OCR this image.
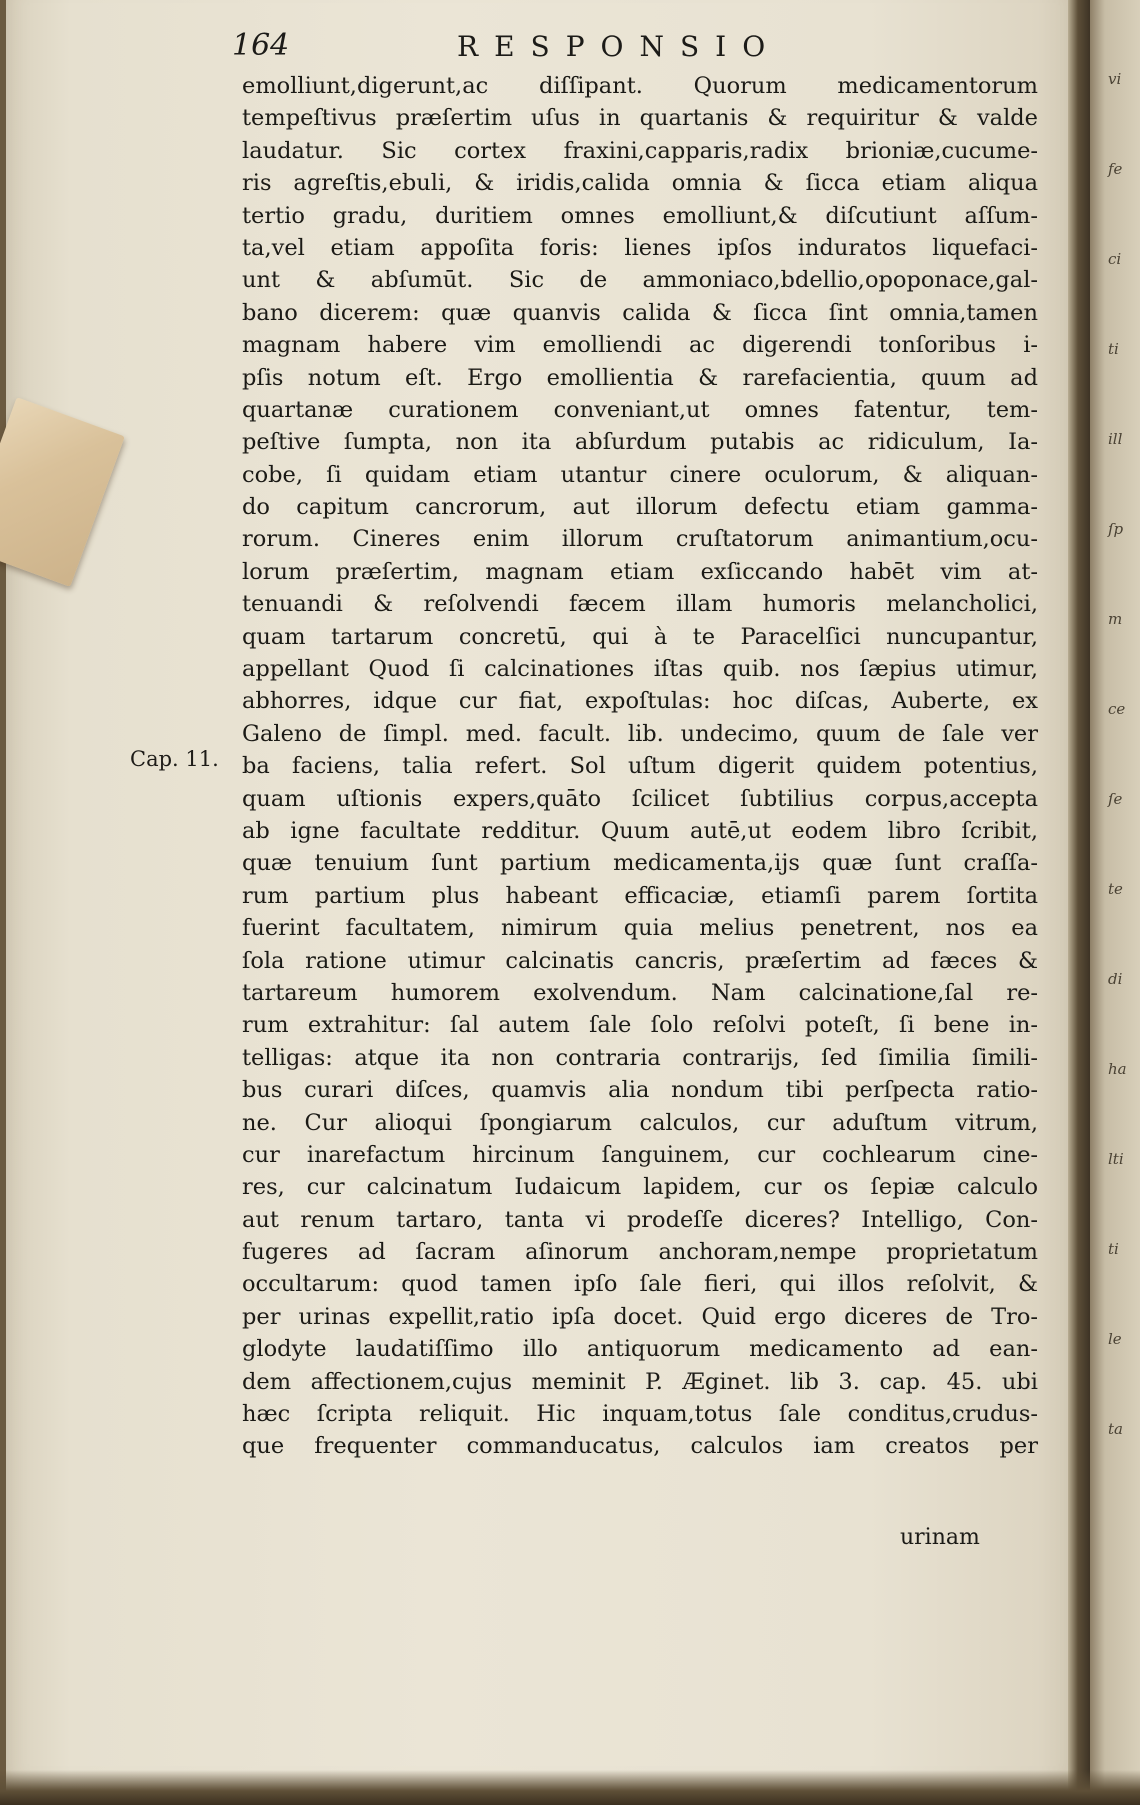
vi
fe
ci
ti
ill
ſp
m
ce
ſe
te
di
ha
lti
ti
le
ta
164	RESPONSIO
Cap. 11.
emolliunt,digerunt,ac diſſipant. Quorum medicamentorum
tempeſtivus præſertim uſus in quartanis & requiritur & valde
laudatur. Sic cortex fraxini,capparis,radix brioniæ,cucume-
ris agreſtis,ebuli, & iridis,calida omnia & ſicca etiam aliqua
tertio gradu, duritiem omnes emolliunt,& diſcutiunt aſſum-
ta,vel etiam appoſita foris: lienes ipſos induratos liquefaci-
unt & abſumūt. Sic de ammoniaco,bdellio,opoponace,gal-
bano dicerem: quæ quanvis calida & ſicca ſint omnia,tamen
magnam habere vim emolliendi ac digerendi tonſoribus i-
pſis notum eſt. Ergo emollientia & rarefacientia, quum ad
quartanæ curationem conveniant,ut omnes fatentur, tem-
peſtive ſumpta, non ita abſurdum putabis ac ridiculum, Ia-
cobe, ſi quidam etiam utantur cinere oculorum, & aliquan-
do capitum cancrorum, aut illorum defectu etiam gamma-
rorum. Cineres enim illorum cruſtatorum animantium,ocu-
lorum præſertim, magnam etiam exſiccando habēt vim at-
tenuandi & reſolvendi fæcem illam humoris melancholici,
quam tartarum concretū, qui à te Paracelſici nuncupantur,
appellant Quod ſi calcinationes iſtas quib. nos ſæpius utimur,
abhorres, idque cur fiat, expoſtulas: hoc diſcas, Auberte, ex
Galeno de ſimpl. med. facult. lib. undecimo, quum de ſale ver
ba faciens, talia refert. Sol uſtum digerit quidem potentius,
quam uſtionis expers,quāto ſcilicet ſubtilius corpus,accepta
ab igne facultate redditur. Quum autē,ut eodem libro ſcribit,
quæ tenuium ſunt partium medicamenta,ijs quæ ſunt craſſa-
rum partium plus habeant efficaciæ, etiamſi parem ſortita
fuerint facultatem, nimirum quia melius penetrent, nos ea
ſola ratione utimur calcinatis cancris, præſertim ad fæces &
tartareum humorem exolvendum. Nam calcinatione,ſal re-
rum extrahitur: ſal autem ſale ſolo reſolvi poteſt, ſi bene in-
telligas: atque ita non contraria contrarijs, ſed ſimilia ſimili-
bus curari diſces, quamvis alia nondum tibi perſpecta ratio-
ne. Cur alioqui ſpongiarum calculos, cur aduſtum vitrum,
cur inarefactum hircinum ſanguinem, cur cochlearum cine-
res, cur calcinatum Iudaicum lapidem, cur os ſepiæ calculo
aut renum tartaro, tanta vi prodeſſe diceres? Intelligo, Con-
fugeres ad ſacram aſinorum anchoram,nempe proprietatum
occultarum: quod tamen ipſo ſale fieri, qui illos reſolvit, &
per urinas expellit,ratio ipſa docet. Quid ergo diceres de Tro-
glodyte laudatiſſimo illo antiquorum medicamento ad ean-
dem affectionem,cujus meminit P. Æginet. lib 3. cap. 45. ubi
hæc ſcripta reliquit. Hic inquam,totus ſale conditus,crudus-
que frequenter commanducatus, calculos iam creatos per
urinam
